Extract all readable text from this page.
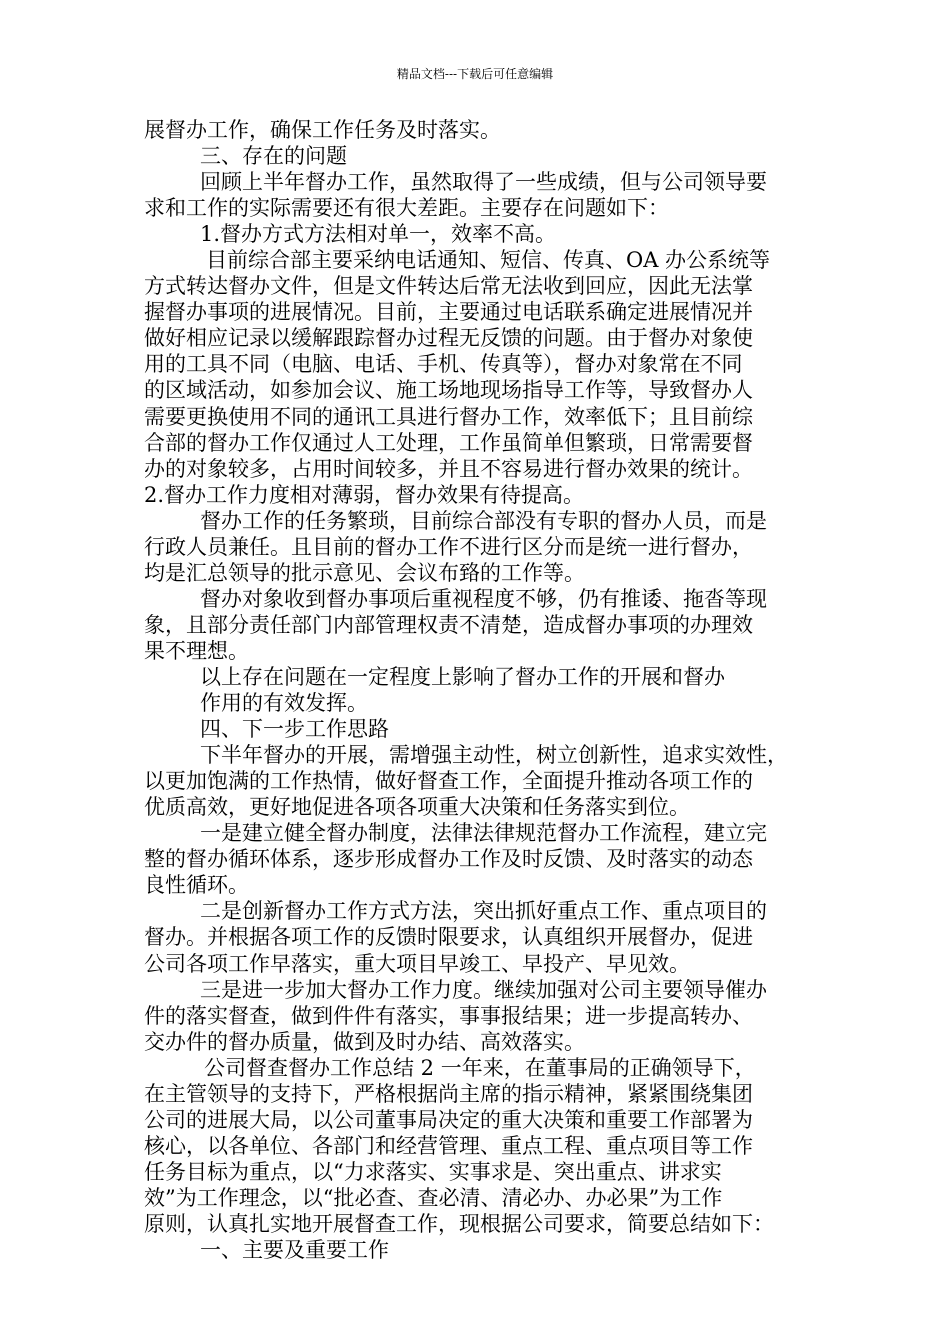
精品文档---下载后可任意编辑
展督办工作，确保工作任务及时落实。
三、存在的问题
回顾上半年督办工作，虽然取得了一些成绩，但与公司领导要
求和工作的实际需要还有很大差距。主要存在问题如下：
1.督办方式方法相对单一，效率不高。
目前综合部主要采纳电话通知、短信、传真、OA 办公系统等
方式转达督办文件，但是文件转达后常无法收到回应，因此无法掌
握督办事项的进展情况。目前，主要通过电话联系确定进展情况并
做好相应记录以缓解跟踪督办过程无反馈的问题。由于督办对象使
用的工具不同（电脑、电话、手机、传真等），督办对象常在不同
的区域活动，如参加会议、施工场地现场指导工作等，导致督办人
需要更换使用不同的通讯工具进行督办工作，效率低下；且目前综
合部的督办工作仅通过人工处理，工作虽简单但繁琐，日常需要督
办的对象较多，占用时间较多，并且不容易进行督办效果的统计。
2.督办工作力度相对薄弱，督办效果有待提高。
督办工作的任务繁琐，目前综合部没有专职的督办人员，而是
行政人员兼任。且目前的督办工作不进行区分而是统一进行督办，
均是汇总领导的批示意见、会议布臵的工作等。
督办对象收到督办事项后重视程度不够，仍有推诿、拖沓等现
象，且部分责任部门内部管理权责不清楚，造成督办事项的办理效
果不理想。
以上存在问题在一定程度上影响了督办工作的开展和督办
作用的有效发挥。
四、下一步工作思路
下半年督办的开展，需增强主动性，树立创新性，追求实效性，
以更加饱满的工作热情，做好督查工作，全面提升推动各项工作的
优质高效，更好地促进各项各项重大决策和任务落实到位。
一是建立健全督办制度，法律法律规范督办工作流程，建立完
整的督办循环体系，逐步形成督办工作及时反馈、及时落实的动态
良性循环。
二是创新督办工作方式方法，突出抓好重点工作、重点项目的
督办。并根据各项工作的反馈时限要求，认真组织开展督办，促进
公司各项工作早落实，重大项目早竣工、早投产、早见效。
三是进一步加大督办工作力度。继续加强对公司主要领导催办
件的落实督查，做到件件有落实，事事报结果；进一步提高转办、
交办件的督办质量，做到及时办结、高效落实。
公司督查督办工作总结 2 一年来，在董事局的正确领导下，
在主管领导的支持下，严格根据尚主席的指示精神，紧紧围绕集团
公司的进展大局，以公司董事局决定的重大决策和重要工作部署为
核心，以各单位、各部门和经营管理、重点工程、重点项目等工作
任务目标为重点，以“力求落实、实事求是、突出重点、讲求实
效”为工作理念，以“批必查、查必清、清必办、办必果”为工作
原则，认真扎实地开展督查工作，现根据公司要求，简要总结如下：
一、主要及重要工作
